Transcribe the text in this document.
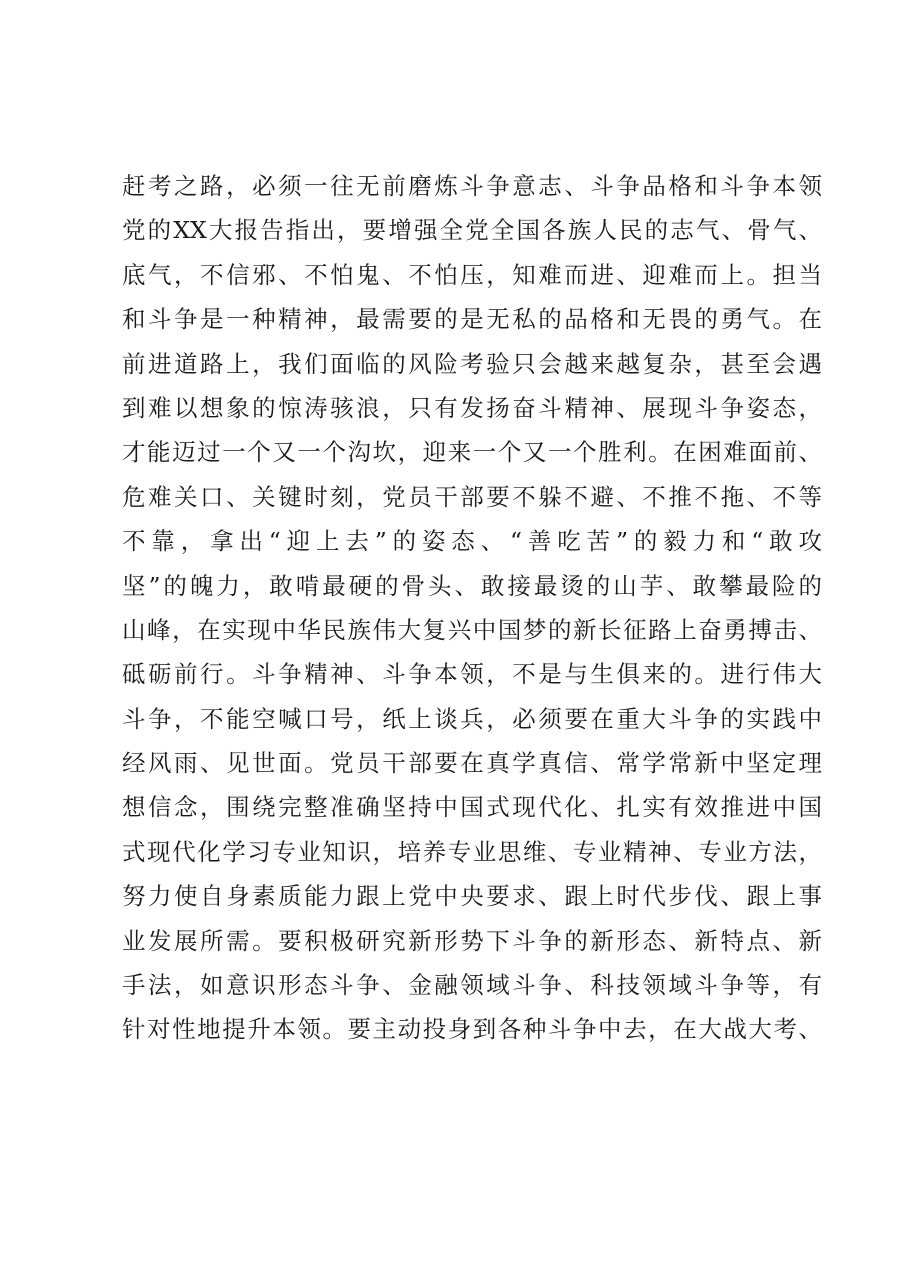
赶考之路，必须一往无前磨炼斗争意志、斗争品格和斗争本领
党的XX大报告指出，要增强全党全国各族人民的志气、骨气、
底气，不信邪、不怕鬼、不怕压，知难而进、迎难而上。担当
和斗争是一种精神，最需要的是无私的品格和无畏的勇气。在
前进道路上，我们面临的风险考验只会越来越复杂，甚至会遇
到难以想象的惊涛骇浪，只有发扬奋斗精神、展现斗争姿态，
才能迈过一个又一个沟坎，迎来一个又一个胜利。在困难面前、
危难关口、关键时刻，党员干部要不躲不避、不推不拖、不等
不靠，拿出“迎上去”的姿态、“善吃苦”的毅力和“敢攻
坚”的魄力，敢啃最硬的骨头、敢接最烫的山芋、敢攀最险的
山峰，在实现中华民族伟大复兴中国梦的新长征路上奋勇搏击、
砥砺前行。斗争精神、斗争本领，不是与生俱来的。进行伟大
斗争，不能空喊口号，纸上谈兵，必须要在重大斗争的实践中
经风雨、见世面。党员干部要在真学真信、常学常新中坚定理
想信念，围绕完整准确坚持中国式现代化、扎实有效推进中国
式现代化学习专业知识，培养专业思维、专业精神、专业方法，
努力使自身素质能力跟上党中央要求、跟上时代步伐、跟上事
业发展所需。要积极研究新形势下斗争的新形态、新特点、新
手法，如意识形态斗争、金融领域斗争、科技领域斗争等，有
针对性地提升本领。要主动投身到各种斗争中去，在大战大考、
